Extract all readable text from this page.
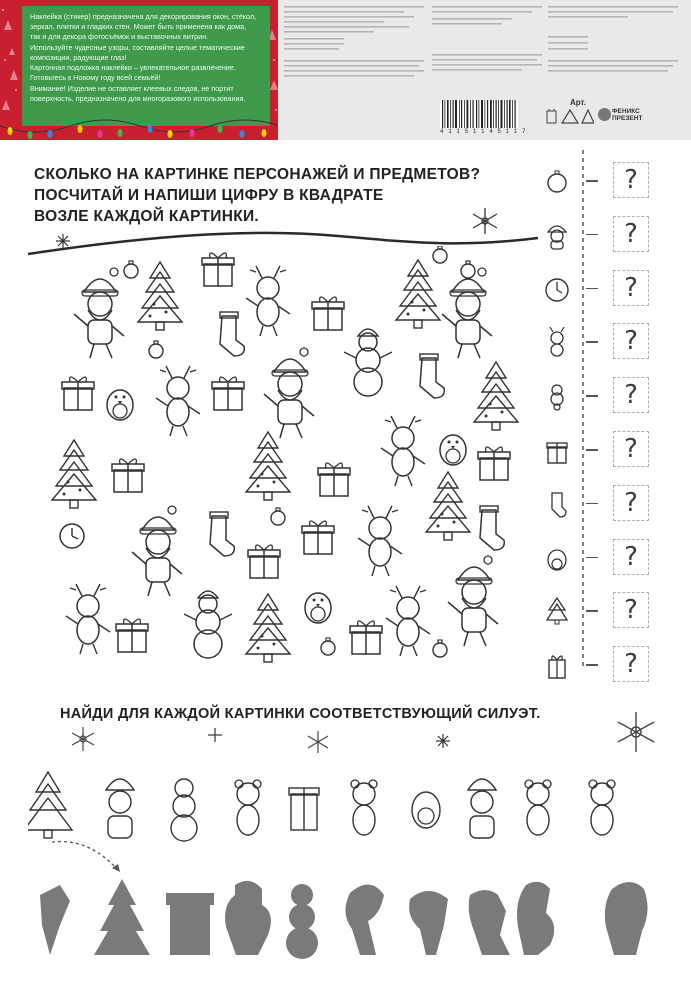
Наклейка (стикер) предназначена для декорирования окон, стёкол,

зеркал, плитки и гладких стен. Может быть применена как дома,

так и для декора фотосъёмок и выставочных витрин.

Используйте чудесные узоры, составляйте целые тематические

композиции, радующие глаз!

Картонная подложка наклейки – увлекательное развлечение.

Готовьтесь к Новому году всей семьёй!

Внимание! Изделие не оставляет клеевых следов, не портит

поверхность, предназначено для многоразового использования.

4 1 1 5 1 1 4 5 1 1 7
Арт.
ФЕНИКС
ПРЕЗЕНТ
СКОЛЬКО НА КАРТИНКЕ ПЕРСОНАЖЕЙ И ПРЕДМЕТОВ?
ПОСЧИТАЙ И НАПИШИ ЦИФРУ В КВАДРАТЕ
ВОЗЛЕ КАЖДОЙ КАРТИНКИ.
?
?
?
?
?
?
?
?
?
?
НАЙДИ ДЛЯ КАЖДОЙ КАРТИНКИ СООТВЕТСТВУЮЩИЙ СИЛУЭТ.
